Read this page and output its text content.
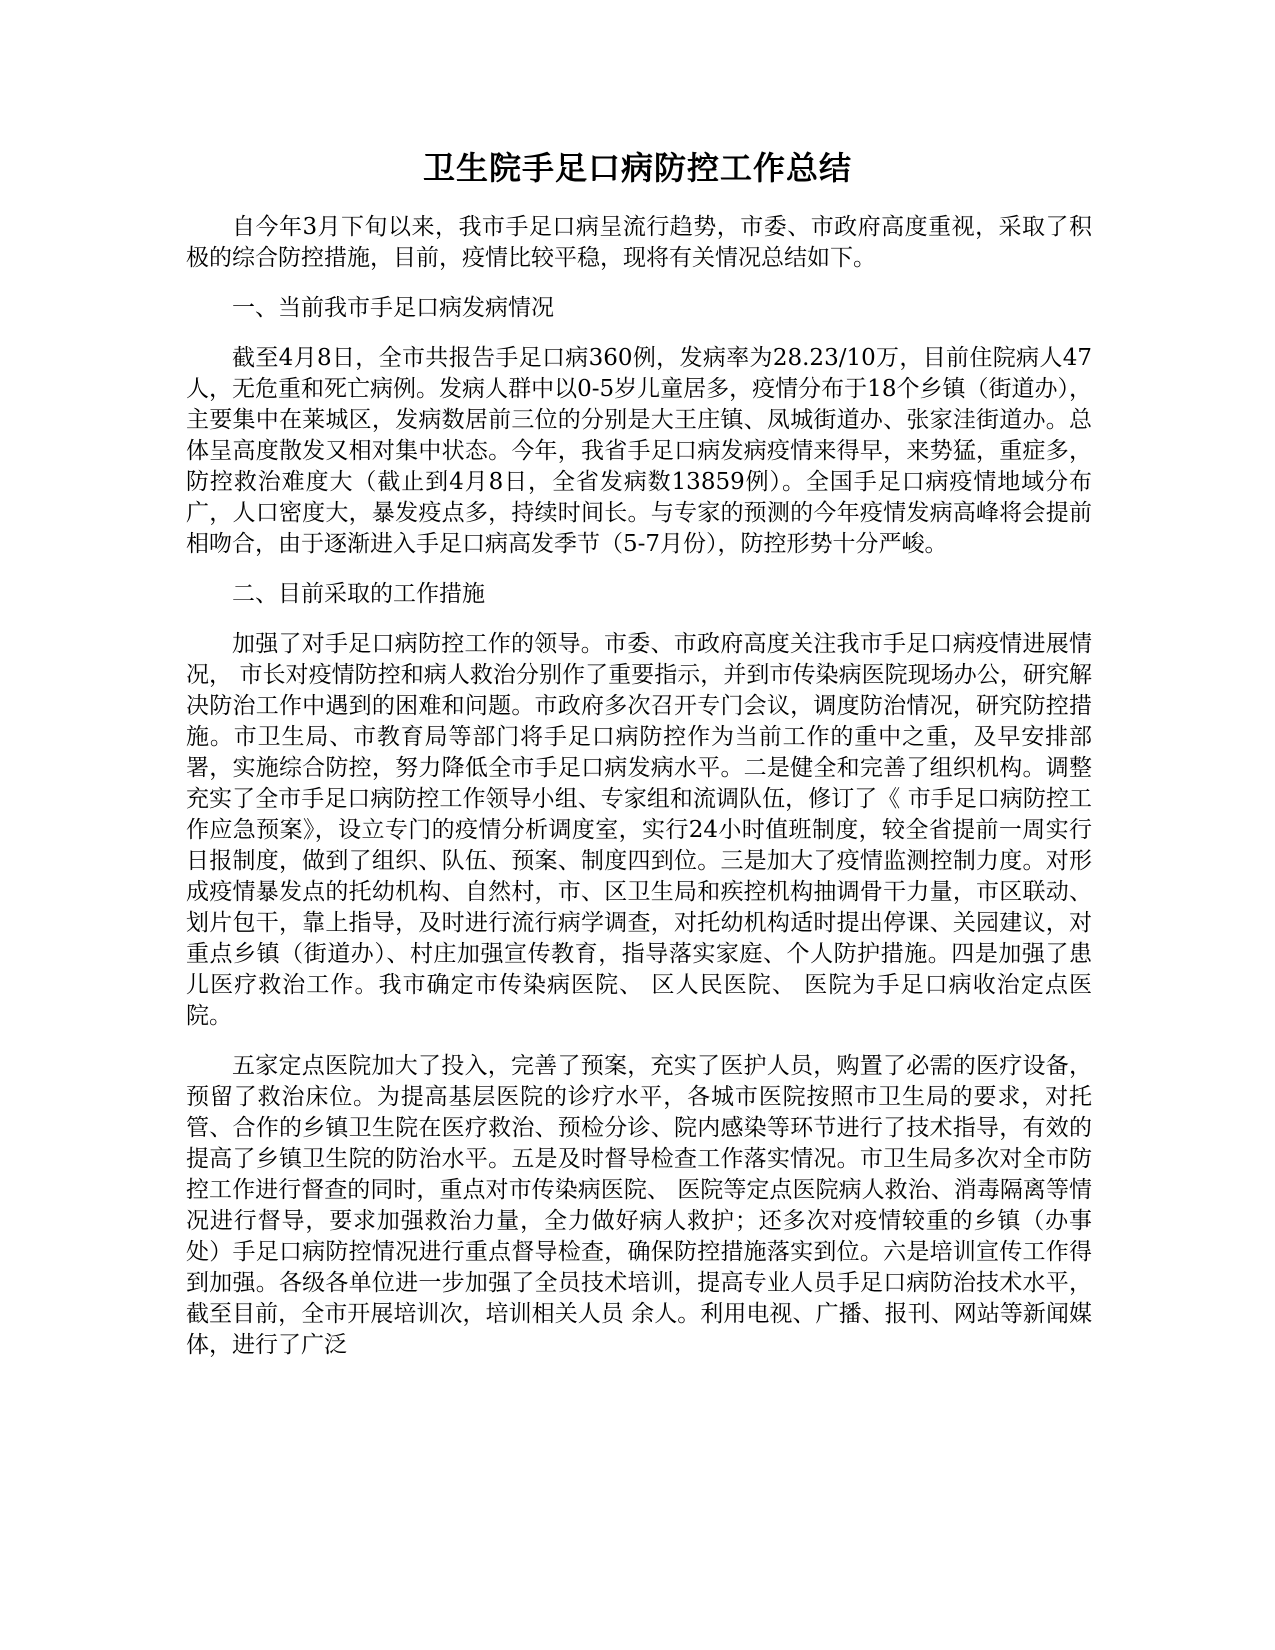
卫生院手足口病防控工作总结

自今年3月下旬以来，我市手足口病呈流行趋势，市委、市政府高度重视，采取了积极的综合防控措施，目前，疫情比较平稳，现将有关情况总结如下。

一、当前我市手足口病发病情况

截至4月8日，全市共报告手足口病360例，发病率为28.23/10万，目前住院病人47人，无危重和死亡病例。发病人群中以0-5岁儿童居多，疫情分布于18个乡镇（街道办），主要集中在莱城区，发病数居前三位的分别是大王庄镇、凤城街道办、张家洼街道办。总体呈高度散发又相对集中状态。今年，我省手足口病发病疫情来得早，来势猛，重症多，防控救治难度大（截止到4月8日，全省发病数13859例）。全国手足口病疫情地域分布广，人口密度大，暴发疫点多，持续时间长。与专家的预测的今年疫情发病高峰将会提前相吻合，由于逐渐进入手足口病高发季节（5-7月份），防控形势十分严峻。

二、目前采取的工作措施

加强了对手足口病防控工作的领导。市委、市政府高度关注我市手足口病疫情进展情况， 市长对疫情防控和病人救治分别作了重要指示，并到市传染病医院现场办公，研究解决防治工作中遇到的困难和问题。市政府多次召开专门会议，调度防治情况，研究防控措施。市卫生局、市教育局等部门将手足口病防控作为当前工作的重中之重，及早安排部署，实施综合防控，努力降低全市手足口病发病水平。二是健全和完善了组织机构。调整充实了全市手足口病防控工作领导小组、专家组和流调队伍，修订了《 市手足口病防控工作应急预案》，设立专门的疫情分析调度室，实行24小时值班制度，较全省提前一周实行日报制度，做到了组织、队伍、预案、制度四到位。三是加大了疫情监测控制力度。对形成疫情暴发点的托幼机构、自然村，市、区卫生局和疾控机构抽调骨干力量，市区联动、划片包干，靠上指导，及时进行流行病学调查，对托幼机构适时提出停课、关园建议，对重点乡镇（街道办）、村庄加强宣传教育，指导落实家庭、个人防护措施。四是加强了患儿医疗救治工作。我市确定市传染病医院、 区人民医院、 医院为手足口病收治定点医院。

五家定点医院加大了投入，完善了预案，充实了医护人员，购置了必需的医疗设备，预留了救治床位。为提高基层医院的诊疗水平，各城市医院按照市卫生局的要求，对托管、合作的乡镇卫生院在医疗救治、预检分诊、院内感染等环节进行了技术指导，有效的提高了乡镇卫生院的防治水平。五是及时督导检查工作落实情况。市卫生局多次对全市防控工作进行督查的同时，重点对市传染病医院、 医院等定点医院病人救治、消毒隔离等情况进行督导，要求加强救治力量，全力做好病人救护；还多次对疫情较重的乡镇（办事处）手足口病防控情况进行重点督导检查，确保防控措施落实到位。六是培训宣传工作得到加强。各级各单位进一步加强了全员技术培训，提高专业人员手足口病防治技术水平，截至目前，全市开展培训次，培训相关人员 余人。利用电视、广播、报刊、网站等新闻媒体，进行了广泛
